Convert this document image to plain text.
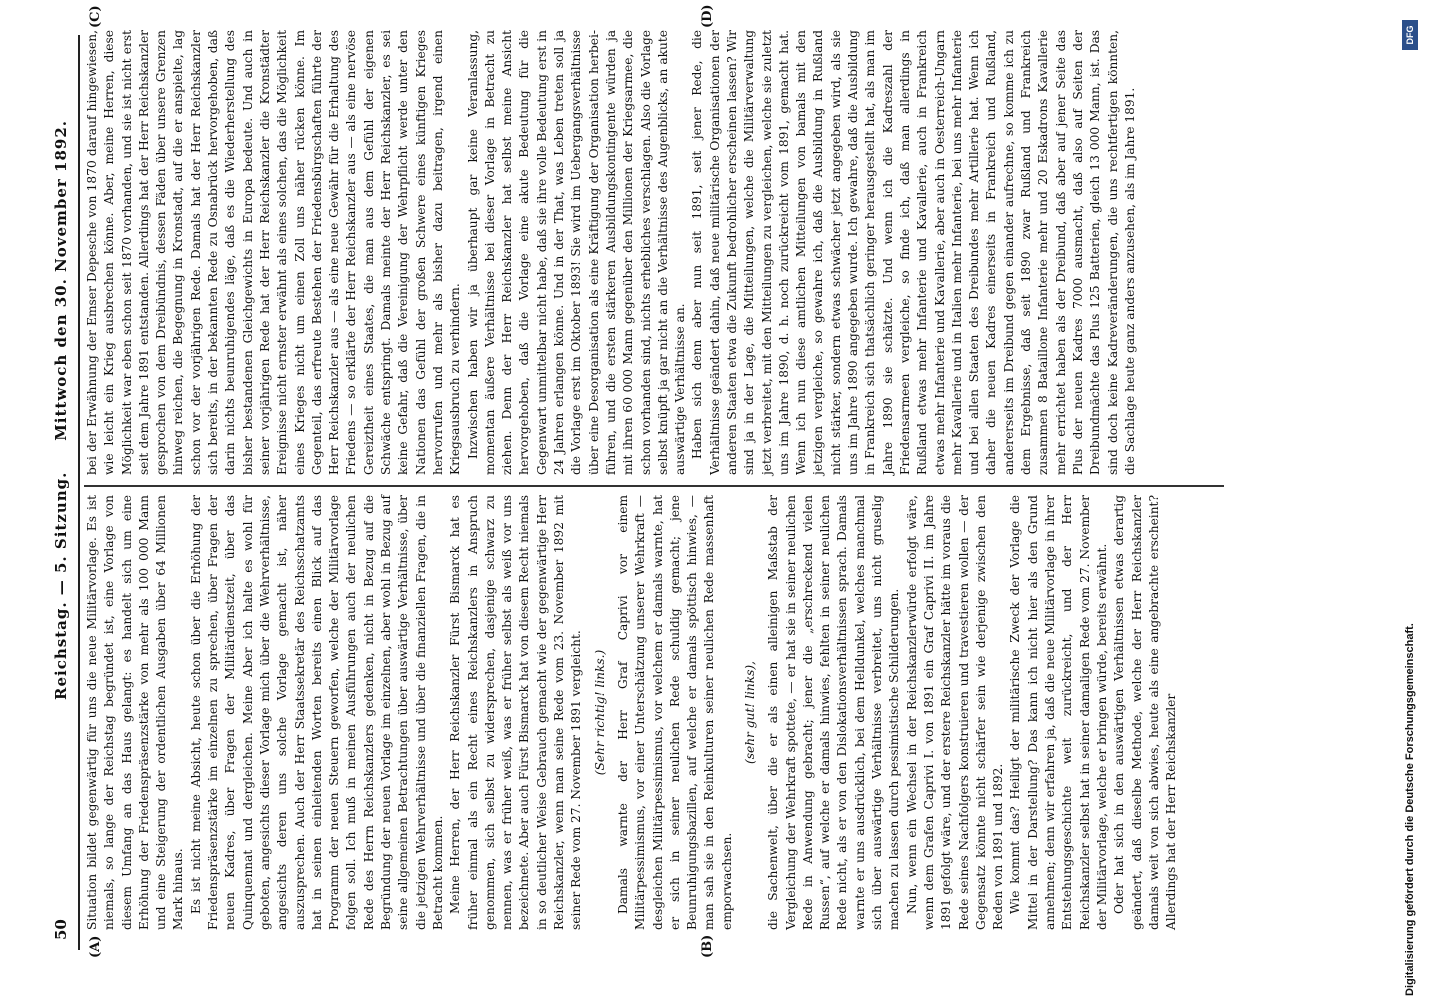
50
Reichstag. — 5. Sitzung.
Mittwoch den 30. November 1892.
(A)	(B)
(C)	(D)

Situation bildet gegenwärtig für uns die neue Militärvorlage. Es ist niemals, so lange der Reichstag begründet ist, eine Vorlage von diesem Umfang an das Haus gelangt: es handelt sich um eine Erhöhung der Friedenspräsenzstärke von mehr als 100 000 Mann und eine Steigerung der ordentlichen Ausgaben über 64 Millionen Mark hinaus. Es ist nicht meine Absicht, heute schon über die Erhöhung der Friedenspräsenzstärke im einzelnen zu sprechen, über Fragen der neuen Kadres, über Fragen der Militärdienstzeit, über das Quinquennat und dergleichen. Meine Aber ich halte es wohl für geboten, angesichts dieser Vorlage mich über die Wehrverhältnisse, angesichts deren uns solche Vorlage gemacht ist, näher auszusprechen. Auch der Herr Staatssekretär des Reichsschatzamts hat in seinen einleitenden Worten bereits einen Blick auf das Programm der neuen Steuern geworfen, welche der Militärvorlage folgen soll. Ich muß in meinen Ausführungen auch der neulichen Rede des Herrn Reichskanzlers gedenken, nicht in Bezug auf die Begründung der neuen Vorlage im einzelnen, aber wohl in Bezug auf seine allgemeinen Betrachtungen über auswärtige Verhältnisse, über die jetzigen Wehrverhältnisse und über die finanziellen Fragen, die in Betracht kommen. Meine Herren, der Herr Reichskanzler Fürst Bismarck hat es früher einmal als ein Recht eines Reichskanzlers in Anspruch genommen, sich selbst zu widersprechen, dasjenige schwarz zu nennen, was er früher weiß, was er früher selbst als weiß vor uns bezeichnete. Aber auch Fürst Bismarck hat von diesem Recht niemals in so deutlicher Weise Gebrauch gemacht wie der gegenwärtige Herr Reichskanzler, wenn man seine Rede vom 23. November 1892 mit seiner Rede vom 27. November 1891 vergleicht. (Sehr richtig! links.) Damals warnte der Herr Graf Caprivi vor einem Militärpessimismus, vor einer Unterschätzung unserer Wehrkraft — desgleichen Militärpessimismus, vor welchem er damals warnte, hat er sich in seiner neulichen Rede schuldig gemacht; jene Beunruhigungsbazillen, auf welche er damals spöttisch hinwies, — man sah sie in den Reinkulturen seiner neulichen Rede massenhaft emporwachsen.

(sehr gut! links), die Sachenwelt, über die er als einen alleinigen Maßstab der Vergleichung der Wehrkraft spottete, — er hat sie in seiner neulichen Rede in Anwendung gebracht; jener die „erschreckend vielen Russen“, auf welche er damals hinwies, fehlten in seiner neulichen Rede nicht, als er von den Dislokationsverhältnissen sprach. Damals warnte er uns ausdrücklich, bei dem Helldunkel, welches manchmal sich über auswärtige Verhältnisse verbreitet, uns nicht gruselig machen zu lassen durch pessimistische Schilderungen. Nun, wenn ein Wechsel in der Reichskanzlerwürde erfolgt wäre, wenn dem Grafen Caprivi I. von 1891 ein Graf Caprivi II. im Jahre 1891 gefolgt wäre, und der erstere Reichskanzler hätte im voraus die Rede seines Nachfolgers konstruieren und travestieren wollen — der Gegensatz könnte nicht schärfer sein wie derjenige zwischen den Reden von 1891 und 1892. Wie kommt das? Heiligt der militärische Zweck der Vorlage die Mittel in der Darstellung? Das kann ich nicht hier als den Grund annehmen; denn wir erfahren ja, daß die neue Militärvorlage in ihrer Entstehungsgeschichte weit zurückreicht, und der Herr Reichskanzler selbst hat in seiner damaligen Rede vom 27. November der Militärvorlage, welche er bringen würde, bereits erwähnt. Oder hat sich in den auswärtigen Verhältnissen etwas derartig geändert, daß dieselbe Methode, welche der Herr Reichskanzler damals weit von sich abwies, heute als eine angebrachte erscheint? Allerdings hat der Herr Reichskanzler

bei der Erwähnung der Emser Depesche von 1870 darauf hingewiesen, wie leicht ein Krieg ausbrechen könne. Aber, meine Herren, diese Möglichkeit war eben schon seit 1870 vorhanden, und sie ist nicht erst seit dem Jahre 1891 entstanden. Allerdings hat der Herr Reichskanzler gesprochen von dem Dreibündnis, dessen Fäden über unsere Grenzen hinweg reichen, die Begegnung in Kronstadt, auf die er anspielte, lag schon vor der vorjährigen Rede. Damals hat der Herr Reichskanzler sich bereits, in der bekannten Rede zu Osnabrück hervorgehoben, daß darin nichts beunruhigendes läge, daß es die Wiederherstellung des bisher bestandenen Gleichgewichts in Europa bedeute. Und auch in seiner vorjährigen Rede hat der Herr Reichskanzler die Kronstädter Ereignisse nicht ernster erwähnt als eines solchen, das die Möglichkeit eines Krieges nicht um einen Zoll uns näher rücken könne. Im Gegenteil, das erfreute Bestehen der Friedensbürgschaften führte der Herr Reichskanzler aus — als eine neue Gewähr für die Erhaltung des Friedens — so erklärte der Herr Reichskanzler aus — als eine nervöse Gereiztheit eines Staates, die man aus dem Gefühl der eigenen Schwäche entspringt. Damals meinte der Herr Reichskanzler, es sei keine Gefahr, daß die Vereinigung der Wehrpflicht werde unter den Nationen das Gefühl der großen Schwere eines künftigen Krieges hervorrufen und mehr als bisher dazu beitragen, irgend einen Kriegsausbruch zu verhindern. Inzwischen haben wir ja überhaupt gar keine Veranlassung, momentan äußere Verhältnisse bei dieser Vorlage in Betracht zu ziehen. Denn der Herr Reichskanzler hat selbst meine Ansicht hervorgehoben, daß die Vorlage eine akute Bedeutung für die Gegenwart unmittelbar nicht habe, daß sie ihre volle Bedeutung erst in 24 Jahren erlangen könne. Und in der That, was Leben treten soll ja die Vorlage erst im Oktober 1893! Sie wird im Uebergangsverhältnisse über eine Desorganisation als eine Kräftigung der Organisation herbeiführen, und die ersten stärkeren Ausbildungskontingente würden ja mit ihren 60 000 Mann gegenüber den Millionen der Kriegsarmee, die schon vorhanden sind, nichts erhebliches verschlagen. Also die Vorlage selbst knüpft ja gar nicht an die Verhältnisse des Augenblicks, an akute auswärtige Verhältnisse an. Haben sich denn aber nun seit 1891, seit jener Rede, die Verhältnisse geändert dahin, daß neue militärische Organisationen der anderen Staaten etwa die Zukunft bedrohlicher erscheinen lassen? Wir sind ja in der Lage, die Mitteilungen, welche die Militärverwaltung jetzt verbreitet, mit den Mitteilungen zu vergleichen, welche sie zuletzt uns im Jahre 1890, d. h. noch zurückreicht vom 1891, gemacht hat. Wenn ich nun diese amtlichen Mitteilungen von bamals mit den jetzigen vergleiche, so gewahre ich, daß die Ausbildung in Rußland nicht stärker, sondern etwas schwächer jetzt angegeben wird, als sie uns im Jahre 1890 angegeben wurde. Ich gewahre, daß die Ausbildung in Frankreich sich thatsächlich geringer herausgestellt hat, als man im Jahre 1890 sie schätzte. Und wenn ich die Kadreszahl der Friedensarmeen vergleiche, so finde ich, daß man allerdings in Rußland etwas mehr Infanterie und Kavallerie, auch in Frankreich etwas mehr Infanterie und Kavallerie, aber auch in Oesterreich-Ungarn mehr Kavallerie und in Italien mehr Infanterie, bei uns mehr Infanterie und bei allen Staaten des Dreibundes mehr Artillerie hat. Wenn ich daher die neuen Kadres einerseits in Frankreich und Rußland, andererseits im Dreibund gegen einander aufrechne, so komme ich zu dem Ergebnisse, daß seit 1890 zwar Rußland und Frankreich zusammen 8 Bataillone Infanterie mehr und 20 Eskadrons Kavallerie mehr errichtet haben als der Dreibund, daß aber auf jener Seite das Plus der neuen Kadres 7000 ausmacht, daß also auf Seiten der Dreibundmächte das Plus 125 Batterien, gleich 13 000 Mann, ist. Das sind doch keine Kadreveränderungen, die uns rechtfertigen könnten, die Sachlage heute ganz anders anzusehen, als im Jahre 1891.

Digitalisierung gefördert durch die Deutsche Forschungsgemeinschaft.
DFG
